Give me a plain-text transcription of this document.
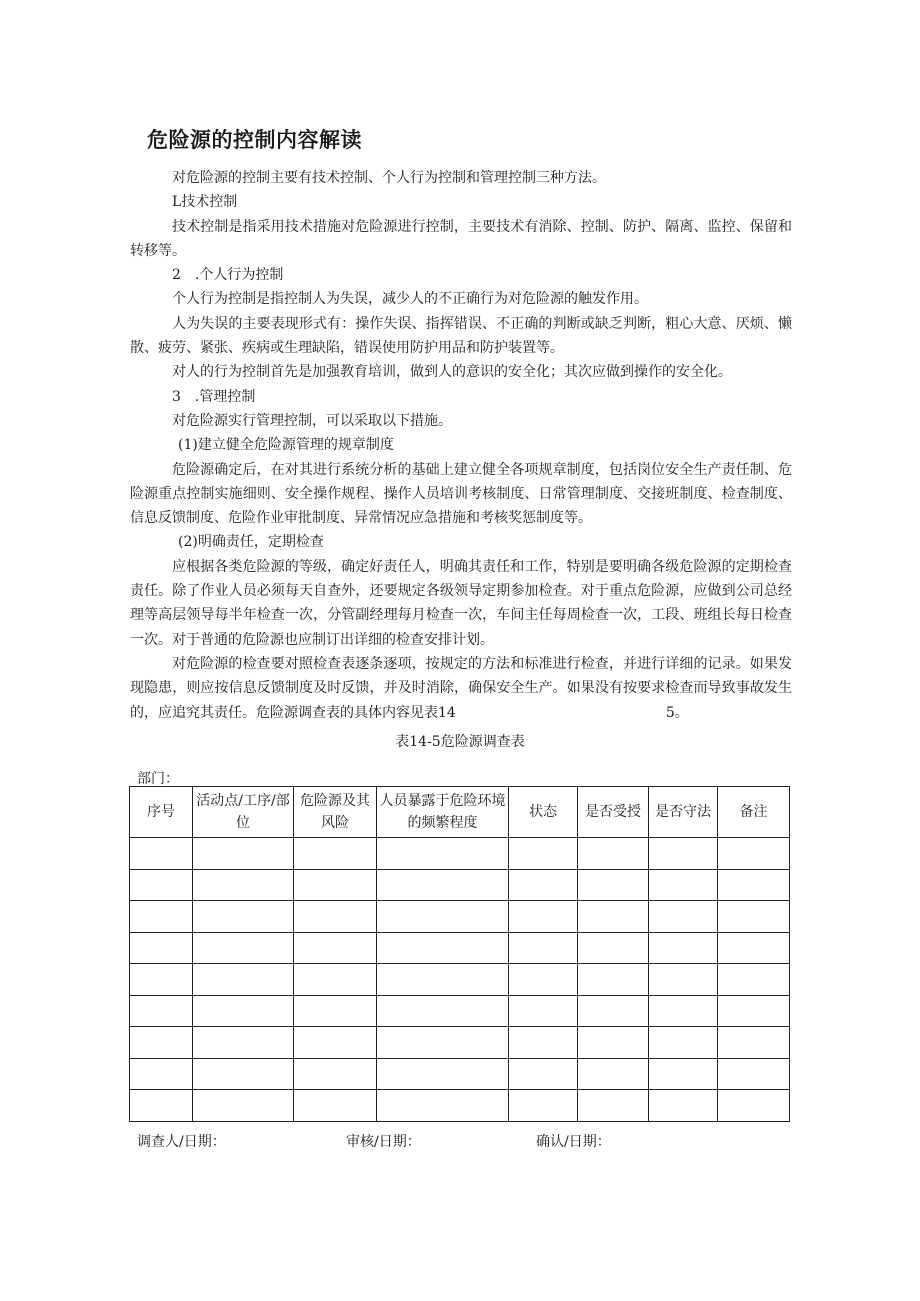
危险源的控制内容解读

对危险源的控制主要有技术控制、个人行为控制和管理控制三种方法。

L技术控制

技术控制是指采用技术措施对危险源进行控制，主要技术有消除、控制、防护、隔离、监控、保留和转移等。

2　.个人行为控制

个人行为控制是指控制人为失误，减少人的不正确行为对危险源的触发作用。

人为失误的主要表现形式有：操作失误、指挥错误、不正确的判断或缺乏判断，粗心大意、厌烦、懒散、疲劳、紧张、疾病或生理缺陷，错误使用防护用品和防护装置等。

对人的行为控制首先是加强教育培训，做到人的意识的安全化；其次应做到操作的安全化。

3　.管理控制

对危险源实行管理控制，可以采取以下措施。

(1)建立健全危险源管理的规章制度

危险源确定后，在对其进行系统分析的基础上建立健全各项规章制度，包括岗位安全生产责任制、危险源重点控制实施细则、安全操作规程、操作人员培训考核制度、日常管理制度、交接班制度、检查制度、信息反馈制度、危险作业审批制度、异常情况应急措施和考核奖惩制度等。

(2)明确责任，定期检查

应根据各类危险源的等级，确定好责任人，明确其责任和工作，特别是要明确各级危险源的定期检查责任。除了作业人员必须每天自查外，还要规定各级领导定期参加检查。对于重点危险源，应做到公司总经理等高层领导每半年检查一次，分管副经理每月检查一次，车间主任每周检查一次，工段、班组长每日检查一次。对于普通的危险源也应制订出详细的检查安排计划。

对危险源的检查要对照检查表逐条逐项，按规定的方法和标准进行检查，并进行详细的记录。如果发现隐患，则应按信息反馈制度及时反馈，并及时消除，确保安全生产。如果没有按要求检查而导致事故发生的，应追究其责任。危险源调查表的具体内容见表14	5。

表14-5危险源调查表
部门：
序号	活动点/工序/部位	危险源及其风险	人员暴露于危险环境的频繁程度	状态	是否受授	是否守法	备注

调查人/日期：	审核/日期：	确认/日期：
